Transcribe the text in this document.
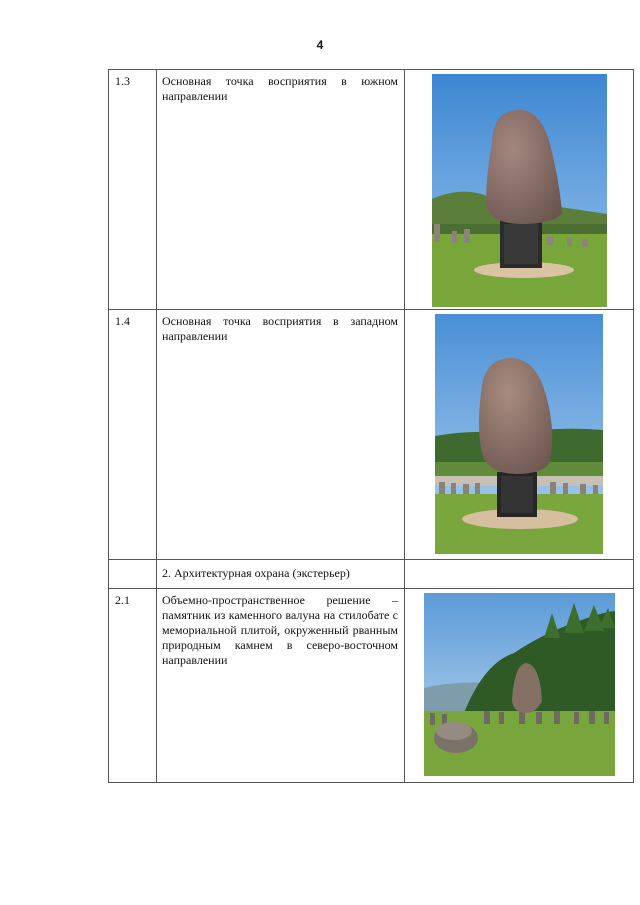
4
1.3	Основная точка восприятия в южном направлении	

1.4	Основная точка восприятия в западном направлении	

	2. Архитектурная охрана (экстерьер)	

2.1	Объемно-пространственное решение – памятник из каменного валуна на стилобате с мемориальной плитой, окруженный рванным природным камнем в северо-восточном направлении
